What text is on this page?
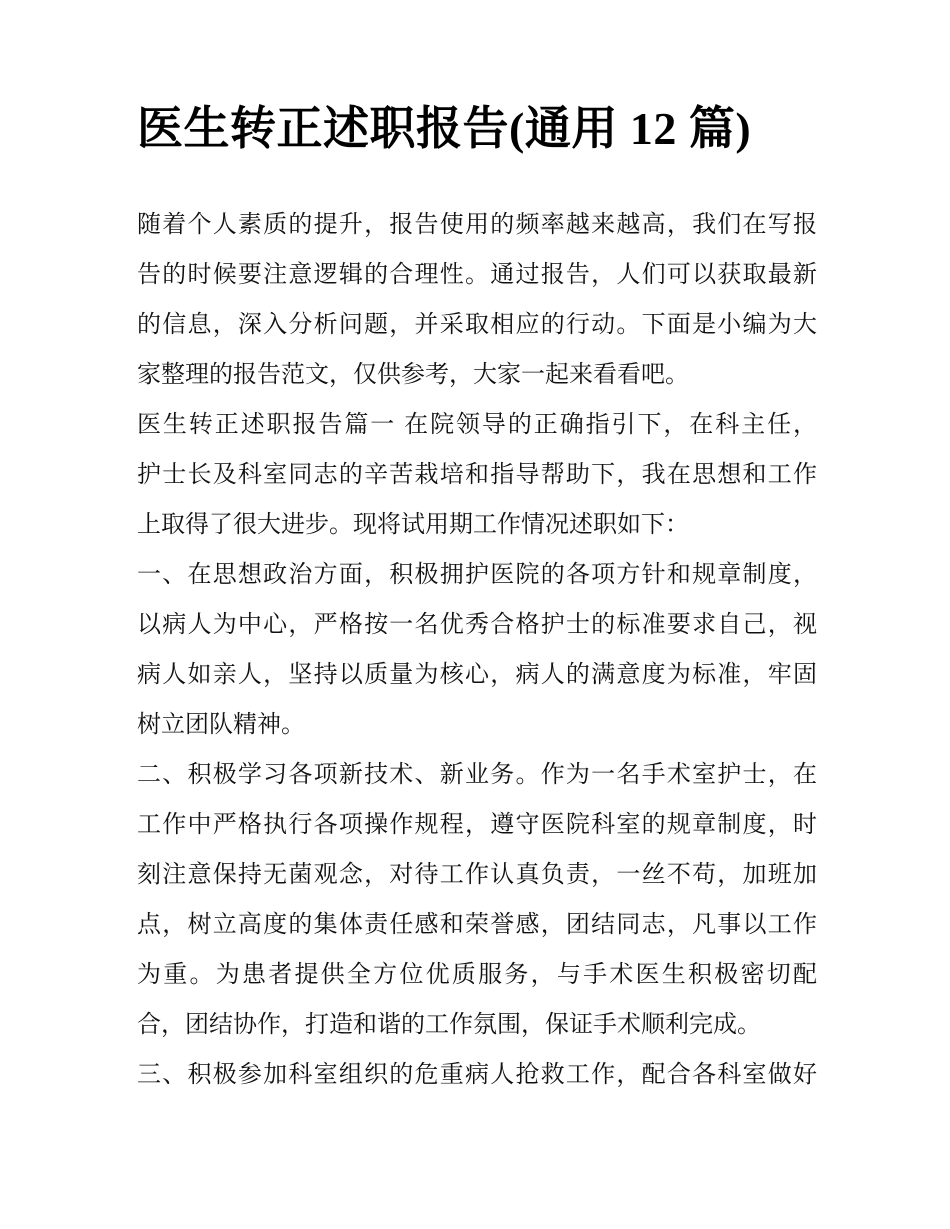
医生转正述职报告(通用 12 篇)
随着个人素质的提升，报告使用的频率越来越高，我们在写报
告的时候要注意逻辑的合理性。通过报告，人们可以获取最新
的信息，深入分析问题，并采取相应的行动。下面是小编为大
家整理的报告范文，仅供参考，大家一起来看看吧。
医生转正述职报告篇一 在院领导的正确指引下，在科主任，
护士长及科室同志的辛苦栽培和指导帮助下，我在思想和工作
上取得了很大进步。现将试用期工作情况述职如下：
一、在思想政治方面，积极拥护医院的各项方针和规章制度，
以病人为中心，严格按一名优秀合格护士的标准要求自己，视
病人如亲人，坚持以质量为核心，病人的满意度为标准，牢固
树立团队精神。
二、积极学习各项新技术、新业务。作为一名手术室护士，在
工作中严格执行各项操作规程，遵守医院科室的规章制度，时
刻注意保持无菌观念，对待工作认真负责，一丝不苟，加班加
点，树立高度的集体责任感和荣誉感，团结同志，凡事以工作
为重。为患者提供全方位优质服务，与手术医生积极密切配
合，团结协作，打造和谐的工作氛围，保证手术顺利完成。
三、积极参加科室组织的危重病人抢救工作，配合各科室做好
